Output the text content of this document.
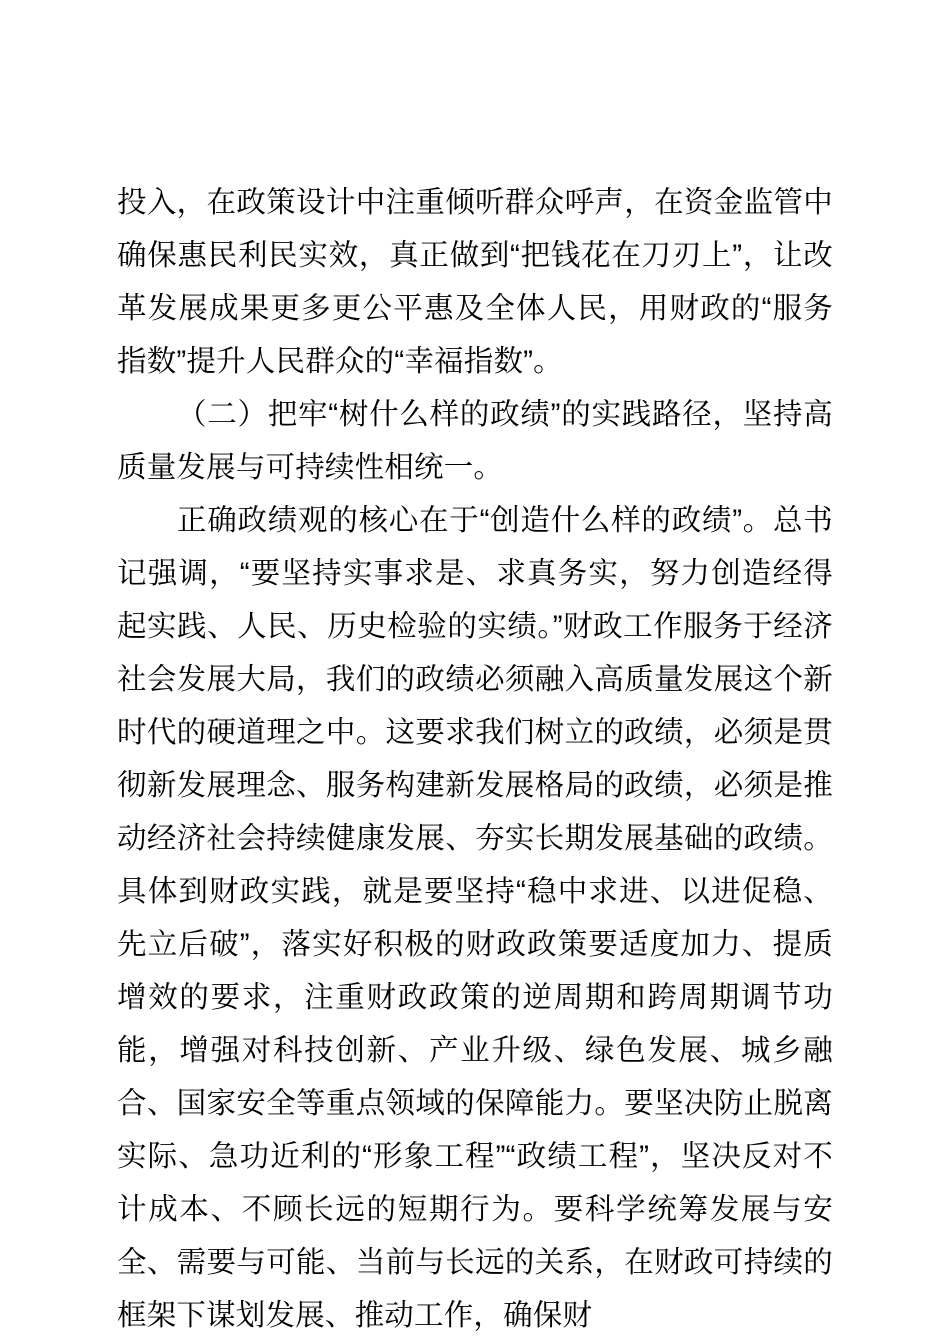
投入，在政策设计中注重倾听群众呼声，在资金监管中确保惠民利民实效，真正做到“把钱花在刀刃上”，让改革发展成果更多更公平惠及全体人民，用财政的“服务指数”提升人民群众的“幸福指数”。

（二）把牢“树什么样的政绩”的实践路径，坚持高质量发展与可持续性相统一。

正确政绩观的核心在于“创造什么样的政绩”。总书记强调，“要坚持实事求是、求真务实，努力创造经得起实践、人民、历史检验的实绩。”财政工作服务于经济社会发展大局，我们的政绩必须融入高质量发展这个新时代的硬道理之中。这要求我们树立的政绩，必须是贯彻新发展理念、服务构建新发展格局的政绩，必须是推动经济社会持续健康发展、夯实长期发展基础的政绩。具体到财政实践，就是要坚持“稳中求进、以进促稳、先立后破”，落实好积极的财政政策要适度加力、提质增效的要求，注重财政政策的逆周期和跨周期调节功能，增强对科技创新、产业升级、绿色发展、城乡融合、国家安全等重点领域的保障能力。要坚决防止脱离实际、急功近利的“形象工程”“政绩工程”，坚决反对不计成本、不顾长远的短期行为。要科学统筹发展与安全、需要与可能、当前与长远的关系，在财政可持续的框架下谋划发展、推动工作，确保财
